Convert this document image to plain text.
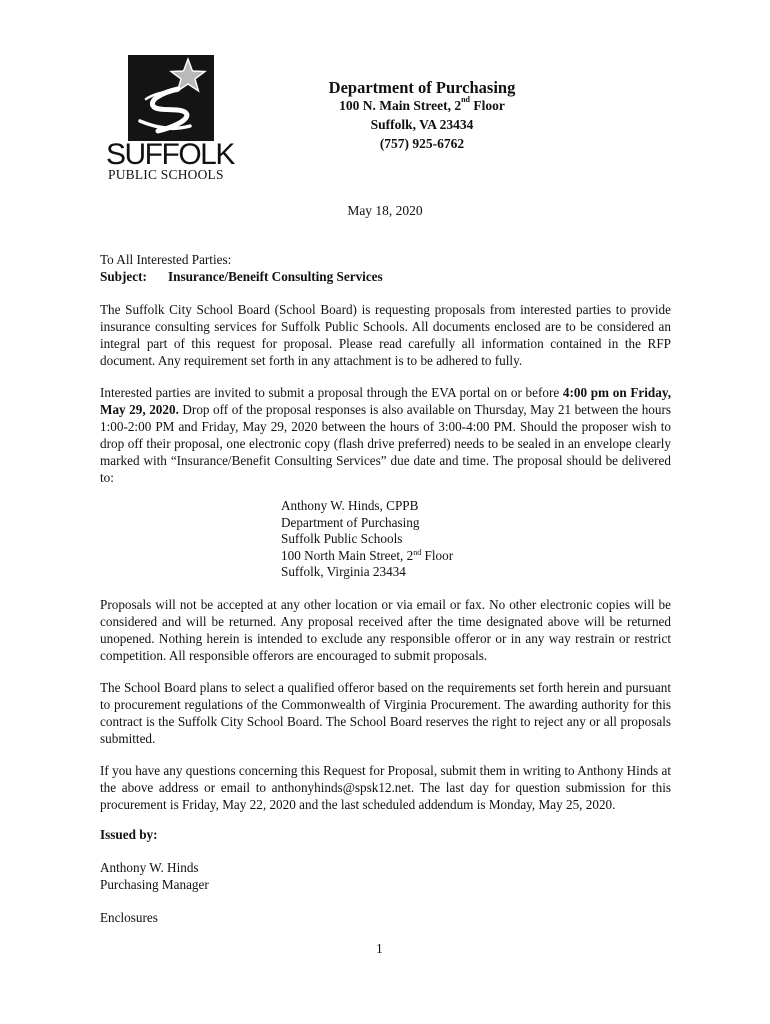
SUFFOLK
PUBLIC SCHOOLS
Department of Purchasing
100 N. Main Street, 2nd Floor
Suffolk, VA 23434
(757) 925-6762
May 18, 2020
To All Interested Parties:
Subject: Insurance/Beneift Consulting Services
The Suffolk City School Board (School Board) is requesting proposals from interested parties to provide insurance consulting services for Suffolk Public Schools. All documents enclosed are to be considered an integral part of this request for proposal. Please read carefully all information contained in the RFP document. Any requirement set forth in any attachment is to be adhered to fully.
Interested parties are invited to submit a proposal through the EVA portal on or before 4:00 pm on Friday, May 29, 2020. Drop off of the proposal responses is also available on Thursday, May 21 between the hours 1:00-2:00 PM and Friday, May 29, 2020 between the hours of 3:00-4:00 PM. Should the proposer wish to drop off their proposal, one electronic copy (flash drive preferred) needs to be sealed in an envelope clearly marked with “Insurance/Benefit Consulting Services” due date and time. The proposal should be delivered to:
Anthony W. Hinds, CPPB
Department of Purchasing
Suffolk Public Schools
100 North Main Street, 2nd Floor
Suffolk, Virginia 23434
Proposals will not be accepted at any other location or via email or fax. No other electronic copies will be considered and will be returned. Any proposal received after the time designated above will be returned unopened. Nothing herein is intended to exclude any responsible offeror or in any way restrain or restrict competition. All responsible offerors are encouraged to submit proposals.
The School Board plans to select a qualified offeror based on the requirements set forth herein and pursuant to procurement regulations of the Commonwealth of Virginia Procurement. The awarding authority for this contract is the Suffolk City School Board. The School Board reserves the right to reject any or all proposals submitted.
If you have any questions concerning this Request for Proposal, submit them in writing to Anthony Hinds at the above address or email to anthonyhinds@spsk12.net. The last day for question submission for this procurement is Friday, May 22, 2020 and the last scheduled addendum is Monday, May 25, 2020.
Issued by:
Anthony W. Hinds
Purchasing Manager
Enclosures
1
